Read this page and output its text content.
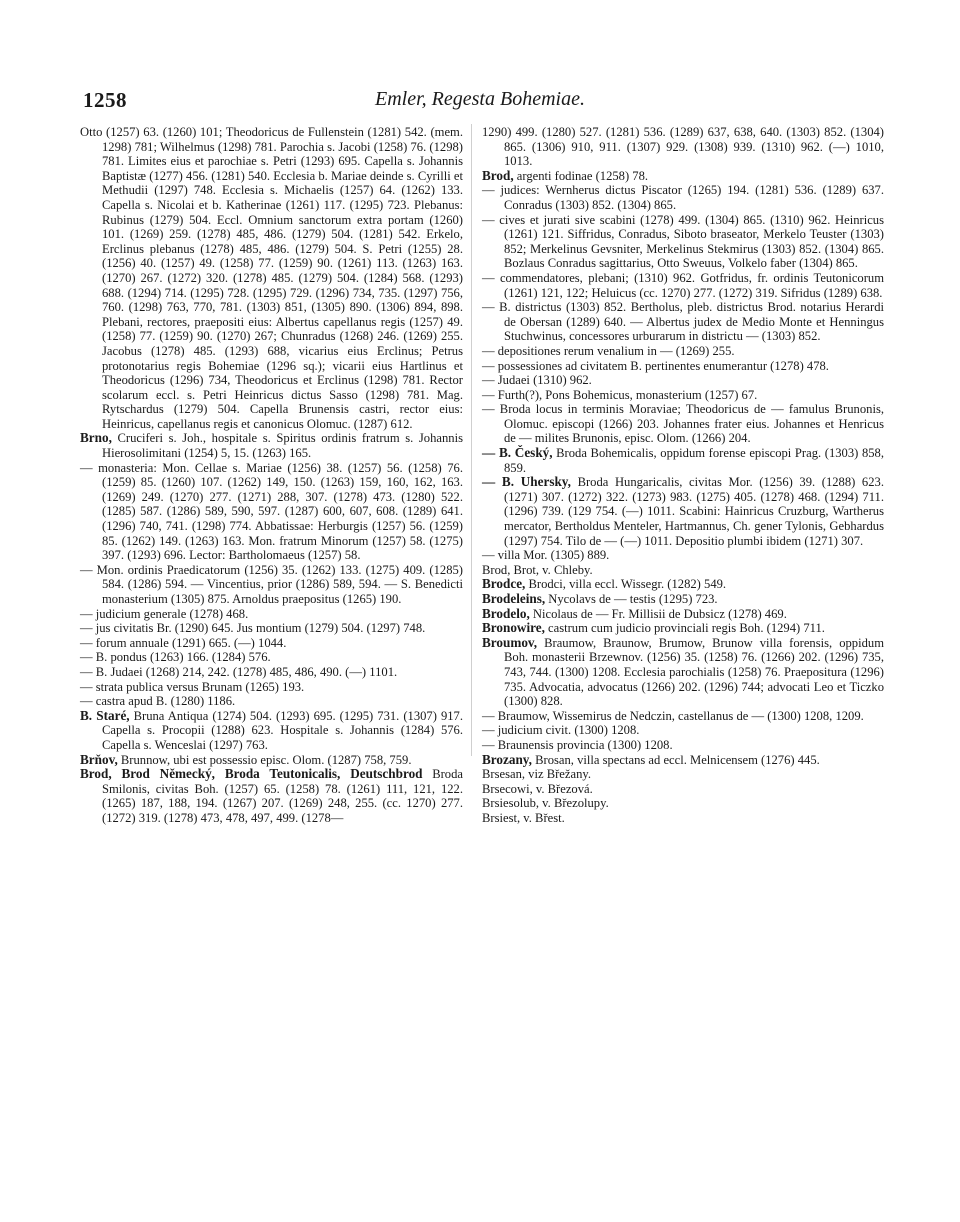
1258	Emler, Regesta Bohemiae.

Otto (1257) 63. (1260) 101; Theodoricus de Fullenstein (1281) 542. (mem. 1298) 781; Wilhelmus (1298) 781. Parochia s. Jacobi (1258) 76. (1298) 781. Limites eius et parochiae s. Petri (1293) 695. Capella s. Johannis Baptistæ (1277) 456. (1281) 540. Ecclesia b. Mariae deinde s. Cyrilli et Methudii (1297) 748. Ecclesia s. Michaelis (1257) 64. (1262) 133. Capella s. Nicolai et b. Katherinae (1261) 117. (1295) 723. Plebanus: Rubinus (1279) 504. Eccl. Omnium sanctorum extra portam (1260) 101. (1269) 259. (1278) 485, 486. (1279) 504. (1281) 542. Erkelo, Erclinus plebanus (1278) 485, 486. (1279) 504. S. Petri (1255) 28. (1256) 40. (1257) 49. (1258) 77. (1259) 90. (1261) 113. (1263) 163. (1270) 267. (1272) 320. (1278) 485. (1279) 504. (1284) 568. (1293) 688. (1294) 714. (1295) 728. (1295) 729. (1296) 734, 735. (1297) 756, 760. (1298) 763, 770, 781. (1303) 851, (1305) 890. (1306) 894, 898. Plebani, rectores, praepositi eius: Albertus capellanus regis (1257) 49. (1258) 77. (1259) 90. (1270) 267; Chunradus (1268) 246. (1269) 255. Jacobus (1278) 485. (1293) 688, vicarius eius Erclinus; Petrus protonotarius regis Bohemiae (1296 sq.); vicarii eius Hartlinus et Theodoricus (1296) 734, Theodoricus et Erclinus (1298) 781. Rector scolarum eccl. s. Petri Heinricus dictus Sasso (1298) 781. Mag. Rytschardus (1279) 504. Capella Brunensis castri, rector eius: Heinricus, capellanus regis et canonicus Olomuc. (1287) 612.

Brno, Cruciferi s. Joh., hospitale s. Spiritus ordinis fratrum s. Johannis Hierosolimitani (1254) 5, 15. (1263) 165.

— monasteria: Mon. Cellae s. Mariae (1256) 38. (1257) 56. (1258) 76. (1259) 85. (1260) 107. (1262) 149, 150. (1263) 159, 160, 162, 163. (1269) 249. (1270) 277. (1271) 288, 307. (1278) 473. (1280) 522. (1285) 587. (1286) 589, 590, 597. (1287) 600, 607, 608. (1289) 641. (1296) 740, 741. (1298) 774. Abbatissae: Herburgis (1257) 56. (1259) 85. (1262) 149. (1263) 163. Mon. fratrum Minorum (1257) 58. (1275) 397. (1293) 696. Lector: Bartholomaeus (1257) 58.

— Mon. ordinis Praedicatorum (1256) 35. (1262) 133. (1275) 409. (1285) 584. (1286) 594. — Vincentius, prior (1286) 589, 594. — S. Benedicti monasterium (1305) 875. Arnoldus praepositus (1265) 190.

— judicium generale (1278) 468.

— jus civitatis Br. (1290) 645. Jus montium (1279) 504. (1297) 748.

— forum annuale (1291) 665. (—) 1044.

— B. pondus (1263) 166. (1284) 576.

— B. Judaei (1268) 214, 242. (1278) 485, 486, 490. (—) 1101.

— strata publica versus Brunam (1265) 193.

— castra apud B. (1280) 1186.

B. Staré, Bruna Antiqua (1274) 504. (1293) 695. (1295) 731. (1307) 917. Capella s. Procopii (1288) 623. Hospitale s. Johannis (1284) 576. Capella s. Wenceslai (1297) 763.

Brňov, Brunnow, ubi est possessio episc. Olom. (1287) 758, 759.

Brod, Brod Německý, Broda Teutonicalis, Deutschbrod Broda Smilonis, civitas Boh. (1257) 65. (1258) 78. (1261) 111, 121, 122. (1265) 187, 188, 194. (1267) 207. (1269) 248, 255. (cc. 1270) 277. (1272) 319. (1278) 473, 478, 497, 499. (1278—

1290) 499. (1280) 527. (1281) 536. (1289) 637, 638, 640. (1303) 852. (1304) 865. (1306) 910, 911. (1307) 929. (1308) 939. (1310) 962. (—) 1010, 1013.

Brod, argenti fodinae (1258) 78.

— judices: Wernherus dictus Piscator (1265) 194. (1281) 536. (1289) 637. Conradus (1303) 852. (1304) 865.

— cives et jurati sive scabini (1278) 499. (1304) 865. (1310) 962. Heinricus (1261) 121. Siffridus, Conradus, Siboto braseator, Merkelo Teuster (1303) 852; Merkelinus Gevsniter, Merkelinus Stekmirus (1303) 852. (1304) 865. Bozlaus Conradus sagittarius, Otto Sweuus, Volkelo faber (1304) 865.

— commendatores, plebani; (1310) 962. Gotfridus, fr. ordinis Teutonicorum (1261) 121, 122; Heluicus (cc. 1270) 277. (1272) 319. Sifridus (1289) 638.

— B. districtus (1303) 852. Bertholus, pleb. districtus Brod. notarius Herardi de Obersan (1289) 640. — Albertus judex de Medio Monte et Henningus Stuchwinus, concessores urburarum in districtu — (1303) 852.

— depositiones rerum venalium in — (1269) 255.

— possessiones ad civitatem B. pertinentes enumerantur (1278) 478.

— Judaei (1310) 962.

— Furth(?), Pons Bohemicus, monasterium (1257) 67.

— Broda locus in terminis Moraviae; Theodoricus de — famulus Brunonis, Olomuc. episcopi (1266) 203. Johannes frater eius. Johannes et Henricus de — milites Brunonis, episc. Olom. (1266) 204.

— B. Český, Broda Bohemicalis, oppidum forense episcopi Prag. (1303) 858, 859.

— B. Uhersky, Broda Hungaricalis, civitas Mor. (1256) 39. (1288) 623. (1271) 307. (1272) 322. (1273) 983. (1275) 405. (1278) 468. (1294) 711. (1296) 739. (129 754. (—) 1011. Scabini: Hainricus Cruzburg, Wartherus mercator, Bertholdus Menteler, Hartmannus, Ch. gener Tylonis, Gebhardus (1297) 754. Tilo de — (—) 1011. Depositio plumbi ibidem (1271) 307.

— villa Mor. (1305) 889.

Brod, Brot, v. Chleby.

Brodce, Brodci, villa eccl. Wissegr. (1282) 549.

Brodeleins, Nycolavs de — testis (1295) 723.

Brodelo, Nicolaus de — Fr. Millisii de Dubsicz (1278) 469.

Bronowire, castrum cum judicio provinciali regis Boh. (1294) 711.

Broumov, Braumow, Braunow, Brumow, Brunow villa forensis, oppidum Boh. monasterii Brzewnov. (1256) 35. (1258) 76. (1266) 202. (1296) 735, 743, 744. (1300) 1208. Ecclesia parochialis (1258) 76. Praepositura (1296) 735. Advocatia, advocatus (1266) 202. (1296) 744; advocati Leo et Ticzko (1300) 828.

— Braumow, Wissemirus de Nedczin, castellanus de — (1300) 1208, 1209.

— judicium civit. (1300) 1208.

— Braunensis provincia (1300) 1208.

Brozany, Brosan, villa spectans ad eccl. Melnicensem (1276) 445.

Brsesan, viz Břežany.

Brsecowi, v. Březová.

Brsiesolub, v. Březolupy.

Brsiest, v. Břest.
